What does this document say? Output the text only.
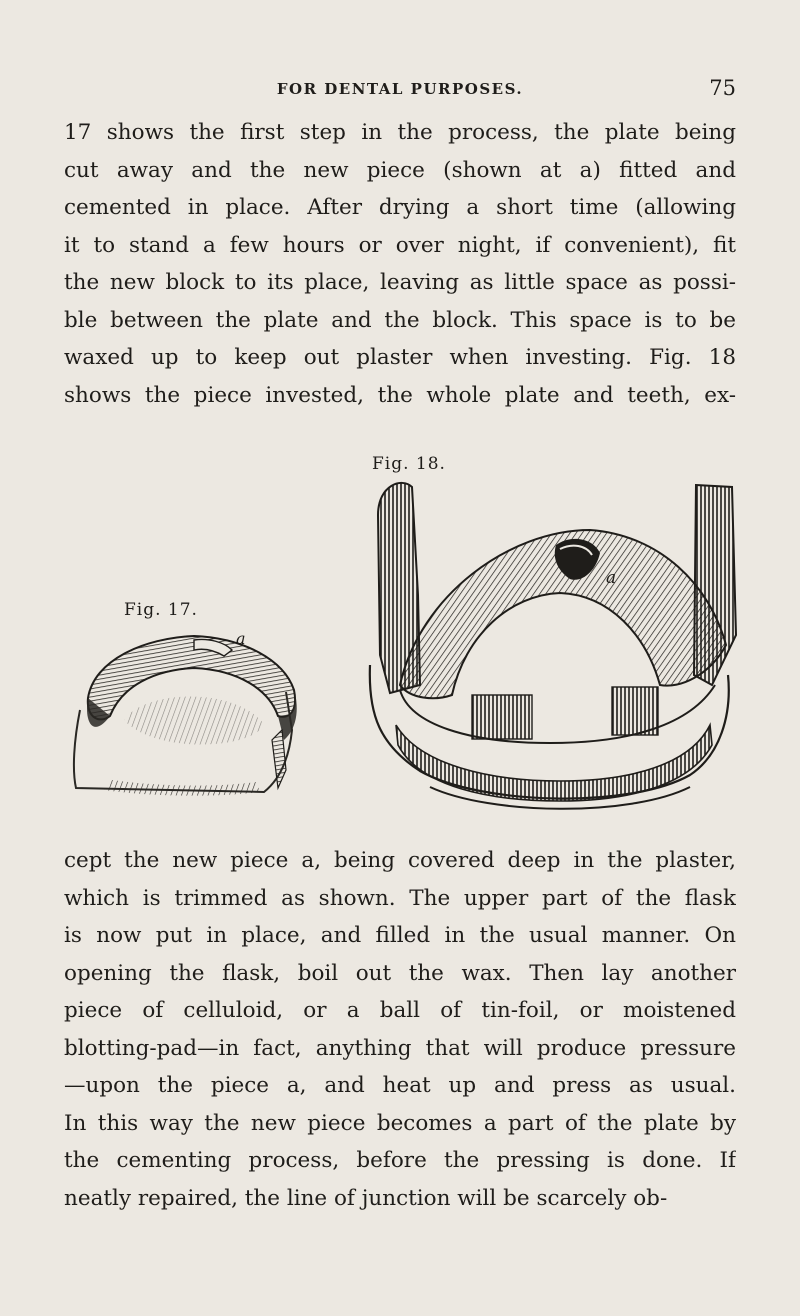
FOR DENTAL PURPOSES.	75
17 shows the first step in the process, the plate being
cut away and the new piece (shown at a) fitted and
cemented in place. After drying a short time (allowing
it to stand a few hours or over night, if convenient), fit
the new block to its place, leaving as little space as possi-
ble between the plate and the block. This space is to be
waxed up to keep out plaster when investing. Fig. 18
shows the piece invested, the whole plate and teeth, ex-
Fig. 18.
Fig. 17.
a
a
cept the new piece a, being covered deep in the plaster,
which is trimmed as shown. The upper part of the flask
is now put in place, and filled in the usual manner. On
opening the flask, boil out the wax. Then lay another
piece of celluloid, or a ball of tin-foil, or moistened
blotting-pad—in fact, anything that will produce pressure
—upon the piece a, and heat up and press as usual.
In this way the new piece becomes a part of the plate by
the cementing process, before the pressing is done. If
neatly repaired, the line of junction will be scarcely ob-
